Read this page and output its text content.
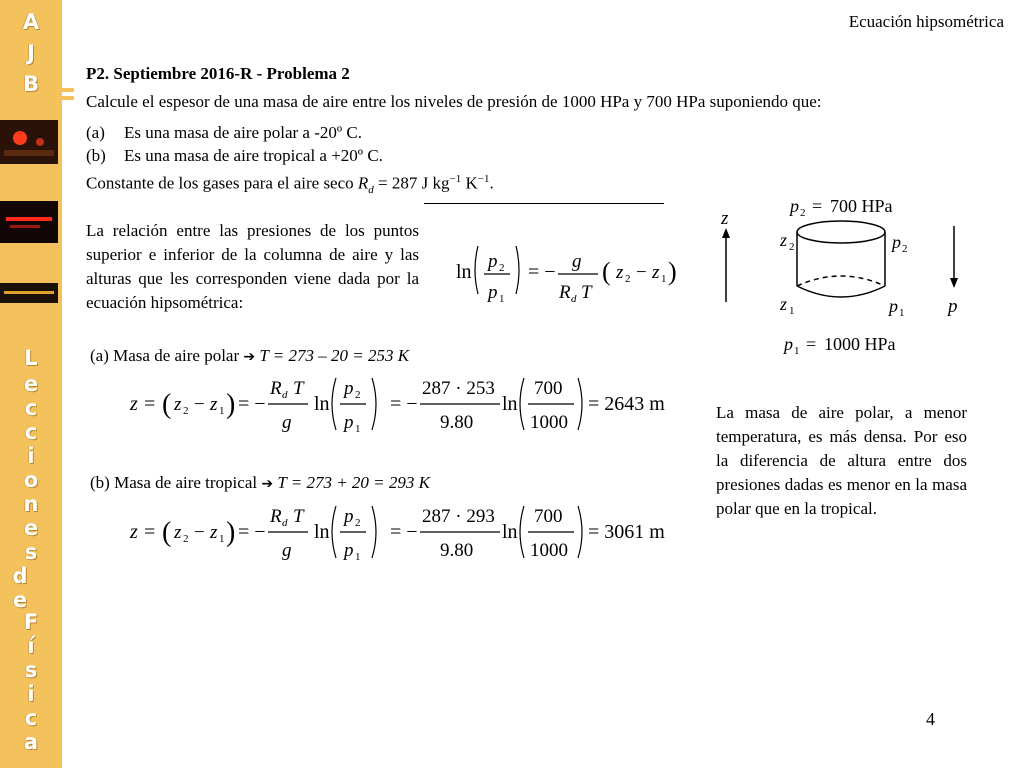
A
J
B
L
e
c
c
i
o
n
e
s
d
e
F
í
s
i
c
a
Ecuación hipsométrica
P2. Septiembre 2016-R - Problema 2
Calcule el espesor de una masa de aire entre los niveles de presión de 1000 HPa y 700 HPa suponiendo que:
(a) Es una masa de aire polar a -20º C.
(b) Es una masa de aire tropical a +20º C.
Constante de los gases para el aire seco $R_d = 287$ J $kg^{-1}$ $K^{-1}$.
La relación entre las presiones de los puntos superior e inferior de la columna de aire y las alturas que les corresponden viene dada por la ecuación hipsométrica:
ln p 2
p 1
= − g
R d T
( z 2 − z 1 )
p 2 = 700 HPa
z
z 2
z 1
p 2
p 1 p
p 1 = 1000 HPa
(a) Masa de aire polar ➔ T = 273 – 20 = 253 K
z = ( z 2 − z 1 ) = −
R d T
g
ln
p 2
p 1
= −
287 · 253
9.80
ln
700
1000
= 2643 m
(b) Masa de aire tropical ➔ T = 273 + 20 = 293 K
z = ( z 2 − z 1 ) = −
R d T
g
ln
p 2
p 1
= −
287 · 293
9.80
ln
700
1000
= 3061 m
La masa de aire polar, a menor temperatura, es más densa. Por eso la diferencia de altura entre dos presiones dadas es menor en la masa polar que en la tropical.
4
